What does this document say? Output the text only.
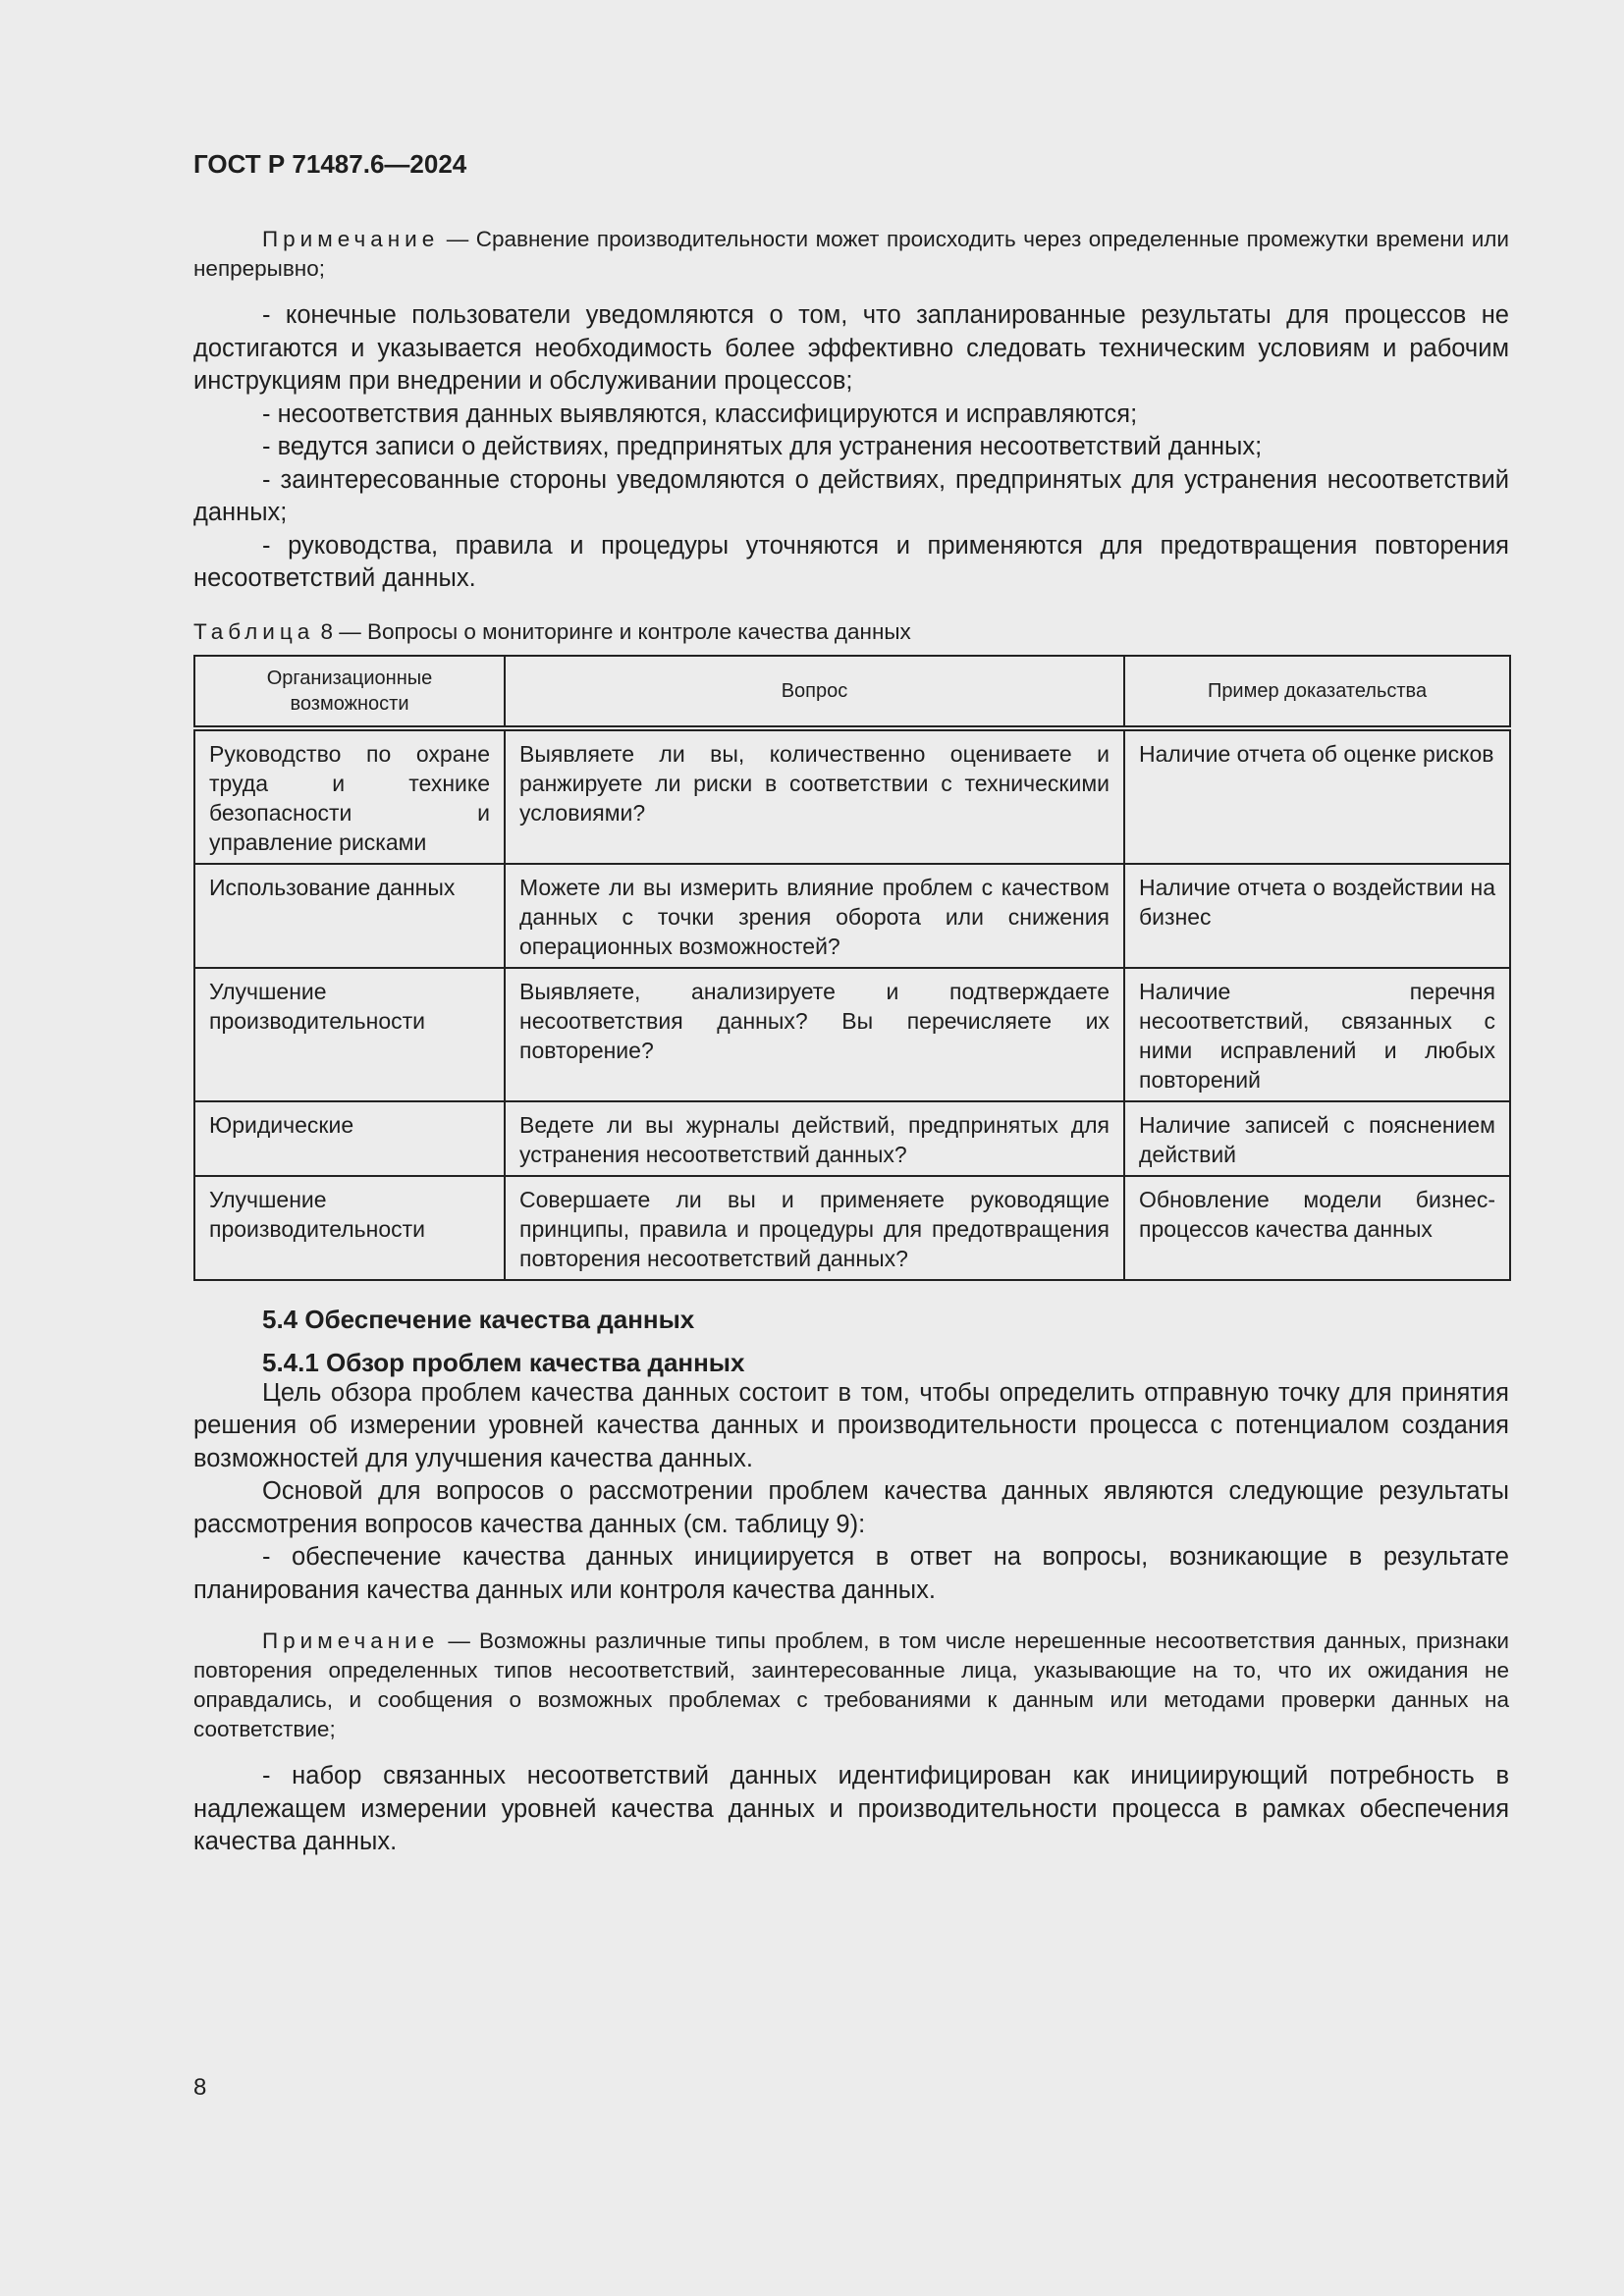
ГОСТ Р 71487.6—2024

Примечание — Сравнение производительности может происходить через определенные промежутки времени или непрерывно;

- конечные пользователи уведомляются о том, что запланированные результаты для процессов не достигаются и указывается необходимость более эффективно следовать техническим условиям и рабочим инструкциям при внедрении и обслуживании процессов;

- несоответствия данных выявляются, классифицируются и исправляются;

- ведутся записи о действиях, предпринятых для устранения несоответствий данных;

- заинтересованные стороны уведомляются о действиях, предпринятых для устранения несоответствий данных;

- руководства, правила и процедуры уточняются и применяются для предотвращения повторения несоответствий данных.

Таблица 8 — Вопросы о мониторинге и контроле качества данных
Организационные возможности	Вопрос	Пример доказательства
Руководство по охране труда и технике безопасности и управление рисками	Выявляете ли вы, количественно оцениваете и ранжируете ли риски в соответствии с техническими условиями?	Наличие отчета об оценке рисков
Использование данных	Можете ли вы измерить влияние проблем с качеством данных с точки зрения оборота или снижения операционных возможностей?	Наличие отчета о воздействии на бизнес
Улучшение производительности	Выявляете, анализируете и подтверждаете несоответствия данных? Вы перечисляете их повторение?	Наличие перечня несоответствий, связанных с ними исправлений и любых повторений
Юридические	Ведете ли вы журналы действий, предпринятых для устранения несоответствий данных?	Наличие записей с пояснением действий
Улучшение производительности	Совершаете ли вы и применяете руководящие принципы, правила и процедуры для предотвращения повторения несоответствий данных?	Обновление модели бизнес-процессов качества данных
5.4 Обеспечение качества данных
5.4.1 Обзор проблем качества данных

Цель обзора проблем качества данных состоит в том, чтобы определить отправную точку для принятия решения об измерении уровней качества данных и производительности процесса с потенциалом создания возможностей для улучшения качества данных.

Основой для вопросов о рассмотрении проблем качества данных являются следующие результаты рассмотрения вопросов качества данных (см. таблицу 9):

- обеспечение качества данных инициируется в ответ на вопросы, возникающие в результате планирования качества данных или контроля качества данных.

Примечание — Возможны различные типы проблем, в том числе нерешенные несоответствия данных, признаки повторения определенных типов несоответствий, заинтересованные лица, указывающие на то, что их ожидания не оправдались, и сообщения о возможных проблемах с требованиями к данным или методами проверки данных на соответствие;

- набор связанных несоответствий данных идентифицирован как инициирующий потребность в надлежащем измерении уровней качества данных и производительности процесса в рамках обеспечения качества данных.

8
